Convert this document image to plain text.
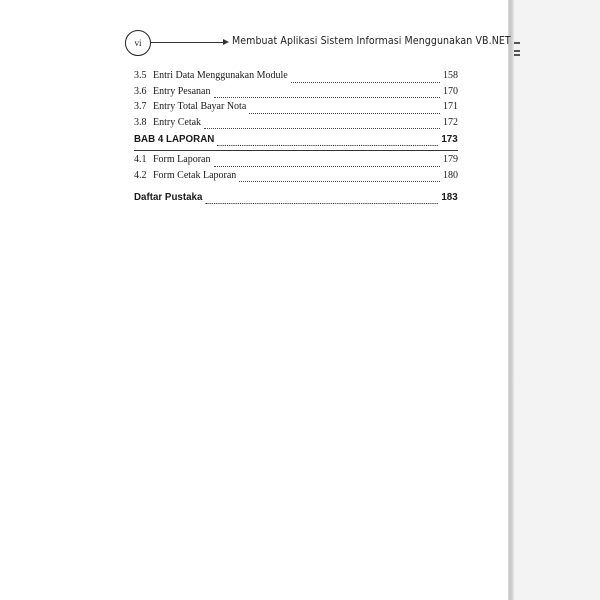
vi	Membuat Aplikasi Sistem Informasi Menggunakan VB.NET
3.5 Entri Data Menggunakan Module	158
3.6 Entry Pesanan	170
3.7 Entry Total Bayar Nota	171
3.8 Entry Cetak	172
BAB 4 LAPORAN	173
4.1 Form Laporan	179
4.2 Form Cetak Laporan	180
Daftar Pustaka	183
